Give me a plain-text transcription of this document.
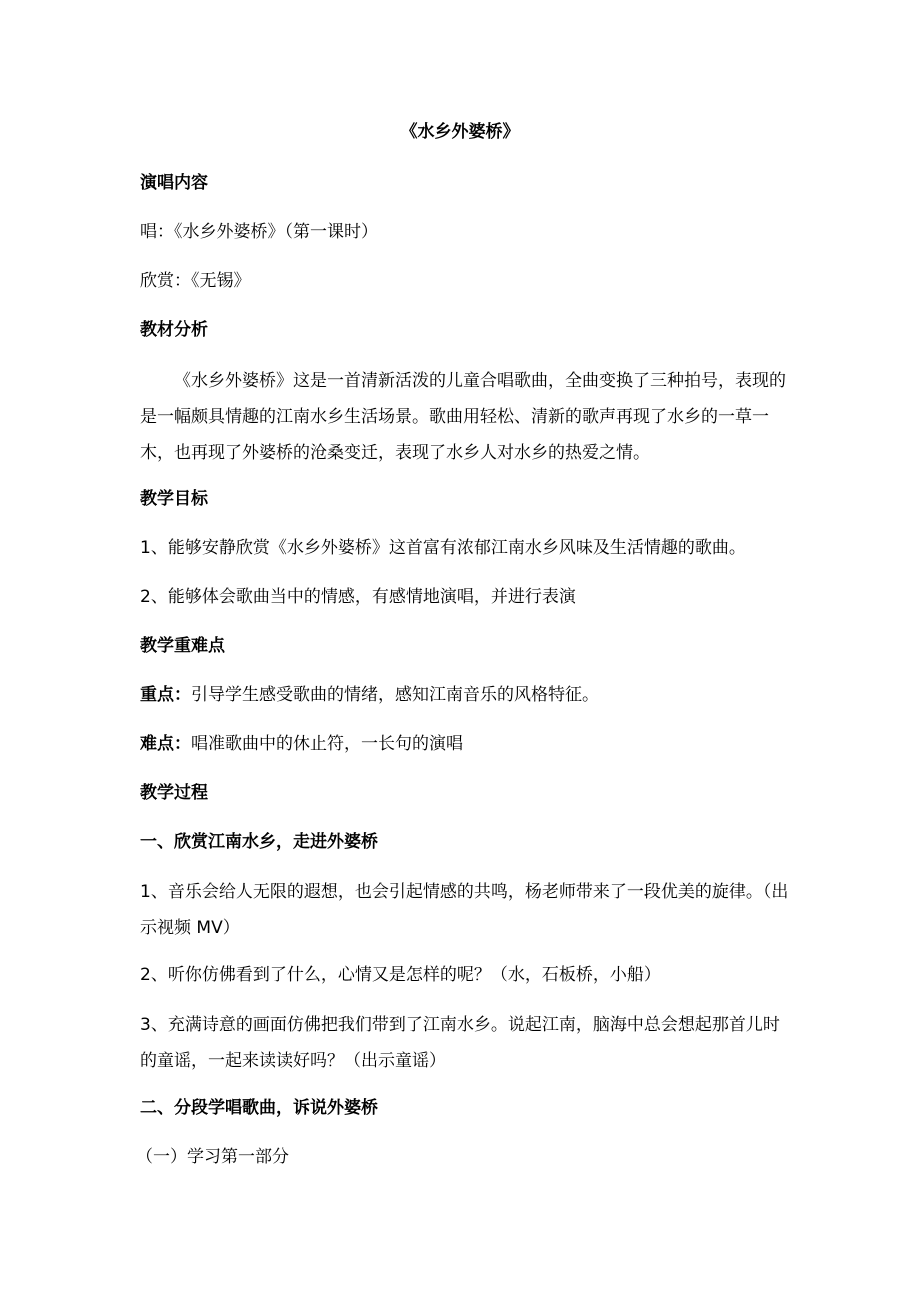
《水乡外婆桥》
演唱内容
唱：《水乡外婆桥》（第一课时）
欣赏：《无锡》
教材分析
《水乡外婆桥》这是一首清新活泼的儿童合唱歌曲，全曲变换了三种拍号，表现的是一幅颇具情趣的江南水乡生活场景。歌曲用轻松、清新的歌声再现了水乡的一草一木，也再现了外婆桥的沧桑变迁，表现了水乡人对水乡的热爱之情。
教学目标
1、能够安静欣赏《水乡外婆桥》这首富有浓郁江南水乡风味及生活情趣的歌曲。
2、能够体会歌曲当中的情感，有感情地演唱，并进行表演
教学重难点
重点：引导学生感受歌曲的情绪，感知江南音乐的风格特征。
难点：唱准歌曲中的休止符，一长句的演唱
教学过程
一、欣赏江南水乡，走进外婆桥
1、音乐会给人无限的遐想，也会引起情感的共鸣，杨老师带来了一段优美的旋律。（出示视频 MV）
2、听你仿佛看到了什么，心情又是怎样的呢？（水，石板桥，小船）
3、充满诗意的画面仿佛把我们带到了江南水乡。说起江南，脑海中总会想起那首儿时的童谣，一起来读读好吗？（出示童谣）
二、分段学唱歌曲，诉说外婆桥
（一）学习第一部分
